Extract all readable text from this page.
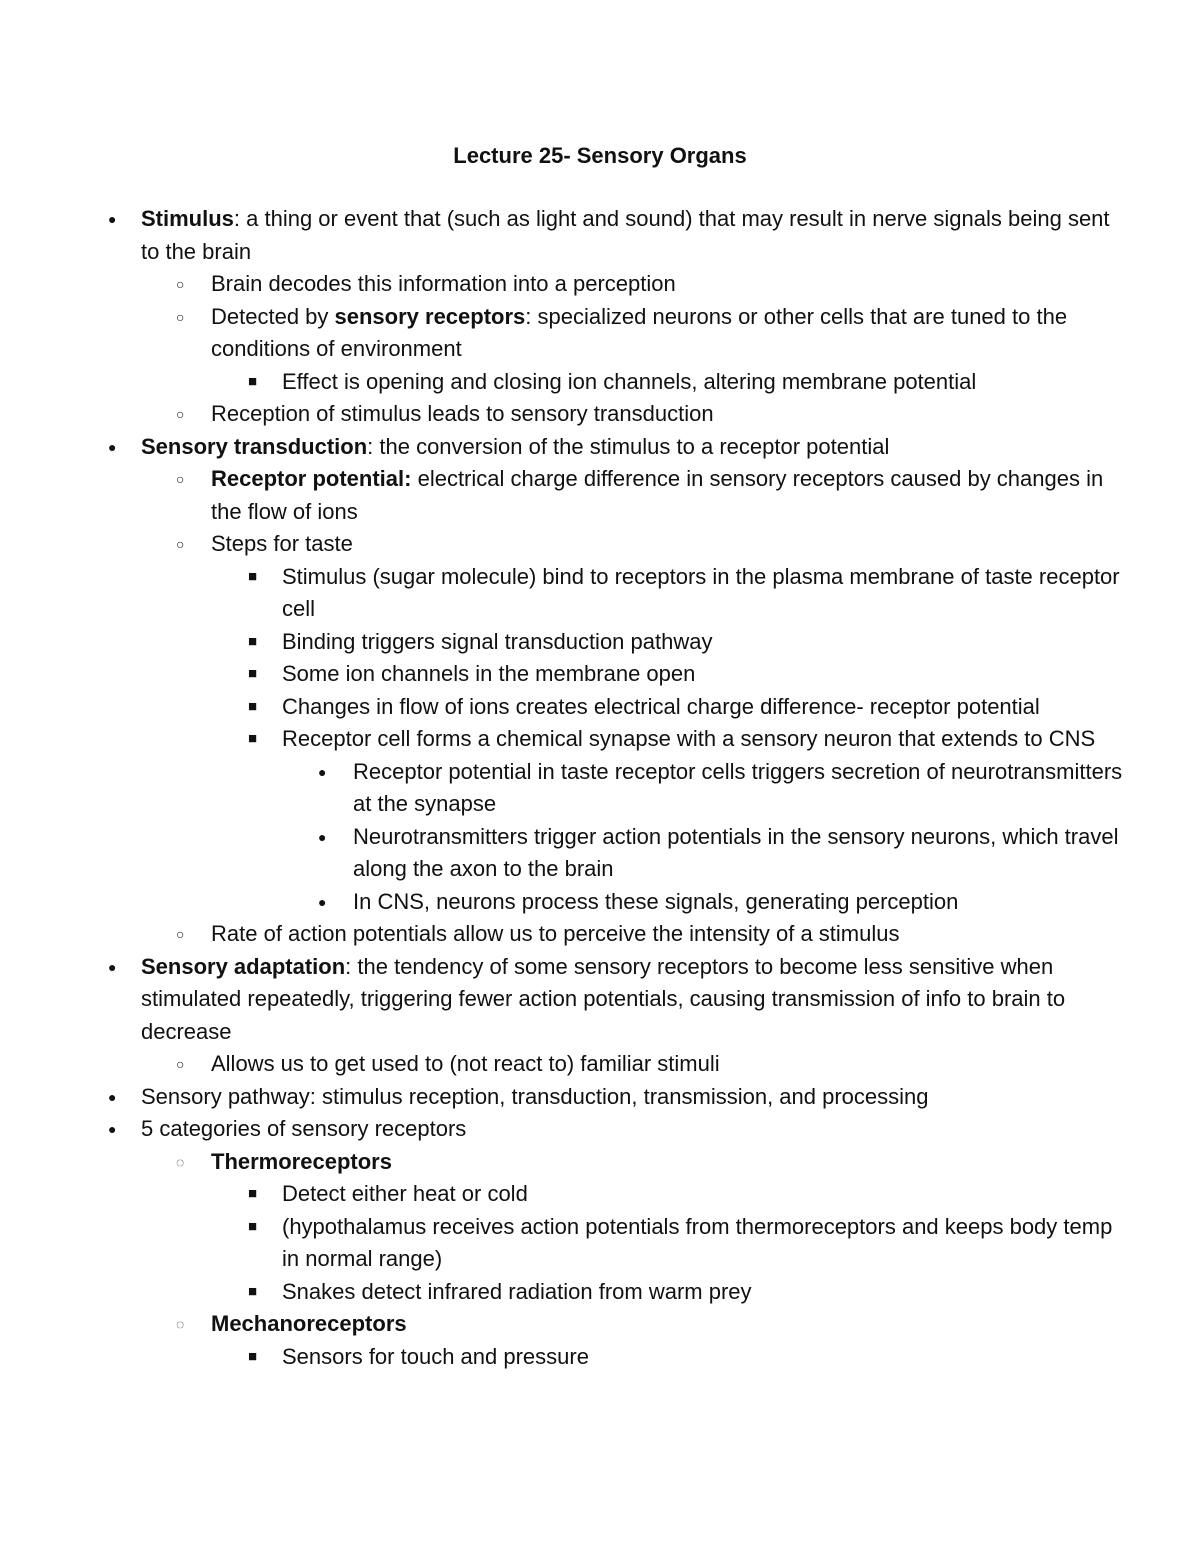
Lecture 25- Sensory Organs
●
Stimulus: a thing or event that (such as light and sound) that may result in nerve signals being sent to the brain
○
Brain decodes this information into a perception
○
Detected by sensory receptors: specialized neurons or other cells that are tuned to the conditions of environment
■
Effect is opening and closing ion channels, altering membrane potential
○
Reception of stimulus leads to sensory transduction
●
Sensory transduction: the conversion of the stimulus to a receptor potential
○
Receptor potential: electrical charge difference in sensory receptors caused by changes in the flow of ions
○
Steps for taste
■
Stimulus (sugar molecule) bind to receptors in the plasma membrane of taste receptor cell
■
Binding triggers signal transduction pathway
■
Some ion channels in the membrane open
■
Changes in flow of ions creates electrical charge difference- receptor potential
■
Receptor cell forms a chemical synapse with a sensory neuron that extends to CNS
●
Receptor potential in taste receptor cells triggers secretion of neurotransmitters at the synapse
●
Neurotransmitters trigger action potentials in the sensory neurons, which travel along the axon to the brain
●
In CNS, neurons process these signals, generating perception
○
Rate of action potentials allow us to perceive the intensity of a stimulus
●
Sensory adaptation: the tendency of some sensory receptors to become less sensitive when stimulated repeatedly, triggering fewer action potentials, causing transmission of info to brain to decrease
○
Allows us to get used to (not react to) familiar stimuli
●
Sensory pathway: stimulus reception, transduction, transmission, and processing
●
5 categories of sensory receptors
◌
Thermoreceptors
■
Detect either heat or cold
■
(hypothalamus receives action potentials from thermoreceptors and keeps body temp in normal range)
■
Snakes detect infrared radiation from warm prey
◌
Mechanoreceptors
■
Sensors for touch and pressure
